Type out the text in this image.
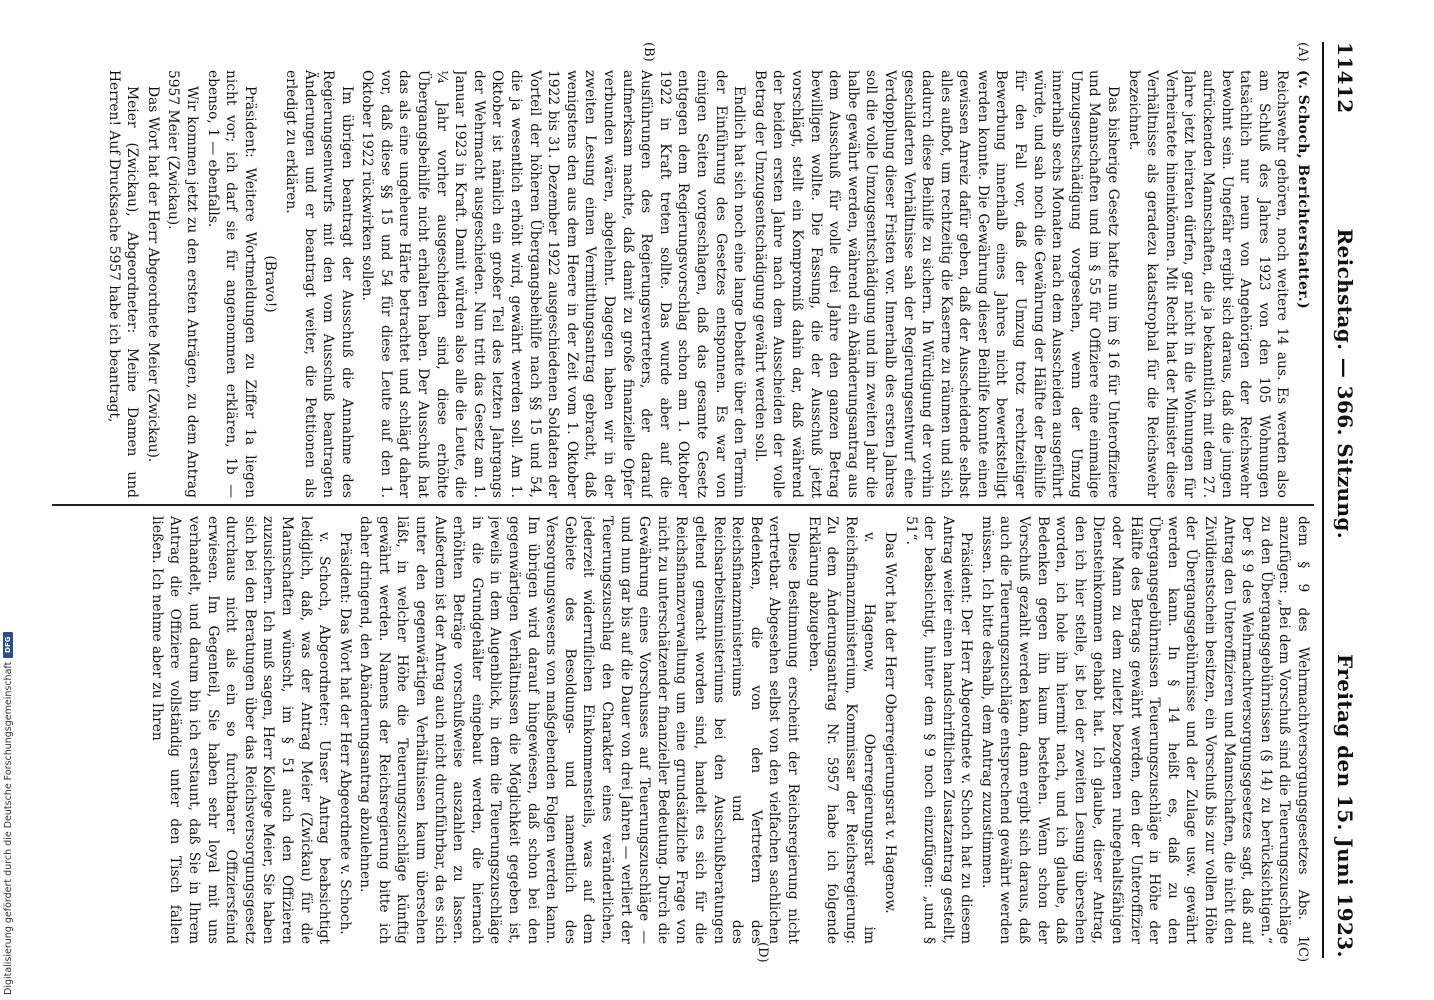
11412
Reichstag. — 366. Sitzung.
Freitag den 15. Juni 1923.
(A)
(B)
(C)
(D)

(v. Schoch, Berichterstatter.)

Reichswehr gehören, noch weitere 14 aus. Es werden also am Schluß des Jahres 1923 von den 105 Wohnungen tatsächlich nur neun von Angehörigen der Reichswehr bewohnt sein. Ungefähr ergibt sich daraus, daß die jungen aufrückenden Mannschaften, die ja bekanntlich mit dem 27. Jahre jetzt heiraten dürfen, gar nicht in die Wohnungen für Verheiratete hineinkönnen. Mit Recht hat der Minister diese Verhältnisse als geradezu katastrophal für die Reichswehr bezeichnet.

Das bisherige Gesetz hatte nun im § 16 für Unteroffiziere und Mannschaften und im § 55 für Offiziere eine einmalige Umzugsentschädigung vorgesehen, wenn der Umzug innerhalb sechs Monaten nach dem Ausscheiden ausgeführt würde, und sah noch die Gewährung der Hälfte der Beihilfe für den Fall vor, daß der Umzug trotz rechtzeitiger Bewerbung innerhalb eines Jahres nicht bewerkstelligt werden konnte. Die Gewährung dieser Beihilfe konnte einen gewissen Anreiz dafür geben, daß der Ausscheidende selbst alles aufbot, um rechtzeitig die Kaserne zu räumen und sich dadurch diese Beihilfe zu sichern. In Würdigung der vorhin geschilderten Verhältnisse sah der Regierungsentwurf eine Verdopplung dieser Fristen vor. Innerhalb des ersten Jahres soll die volle Umzugsentschädigung und im zweiten Jahr die halbe gewährt werden, während ein Abänderungsantrag aus dem Ausschuß für volle drei Jahre den ganzen Betrag bewilligen wollte. Die Fassung, die der Ausschuß jetzt vorschlägt, stellt ein Kompromiß dahin dar, daß während der beiden ersten Jahre nach dem Ausscheiden der volle Betrag der Umzugsentschädigung gewährt werden soll.

Endlich hat sich noch eine lange Debatte über den Termin der Einführung des Gesetzes entsponnen. Es war von einigen Seiten vorgeschlagen, daß das gesamte Gesetz entgegen dem Regierungsvorschlag schon am 1. Oktober 1922 in Kraft treten sollte. Das wurde aber auf die Ausführungen des Regierungsvertreters, der darauf aufmerksam machte, daß damit zu große finanzielle Opfer verbunden wären, abgelehnt. Dagegen haben wir in der zweiten Lesung einen Vermittlungsantrag gebracht, daß wenigstens den aus dem Heere in der Zeit vom 1. Oktober 1922 bis 31. Dezember 1922 ausgeschiedenen Soldaten der Vorteil der höheren Übergangsbeihilfe nach §§ 15 und 54, die ja wesentlich erhöht wird, gewährt werden soll. Am 1. Oktober ist nämlich ein großer Teil des letzten Jahrgangs der Wehrmacht ausgeschieden. Nun tritt das Gesetz am 1. Januar 1923 in Kraft. Damit würden also alle die Leute, die ¼ Jahr vorher ausgeschieden sind, diese erhöhte Übergangsbeihilfe nicht erhalten haben. Der Ausschuß hat das als eine ungeheure Härte betrachtet und schlägt daher vor, daß diese §§ 15 und 54 für diese Leute auf den 1. Oktober 1922 rückwirken sollen.

Im übrigen beantragt der Ausschuß die Annahme des Regierungsentwurfs mit den vom Ausschuß beantragten Änderungen und er beantragt weiter, die Petitionen als erledigt zu erklären.

(Bravo!)

Präsident: Weitere Wortmeldungen zu Ziffer 1a liegen nicht vor; ich darf sie für angenommen erklären, 1b — ebenso, 1 — ebenfalls.

Wir kommen jetzt zu den ersten Anträgen, zu dem Antrag 5957 Meier (Zwickau).

Das Wort hat der Herr Abgeordnete Meier (Zwickau).

Meier (Zwickau), Abgeordneter: Meine Damen und Herren! Auf Drucksache 5957 habe ich beantragt,

dem § 9 des Wehrmachtversorgungsgesetzes Abs. 1 anzufügen: „Bei dem Vorschuß sind die Teuerungszuschläge zu den Übergangsgebührnissen (§ 14) zu berücksichtigen.“ Der § 9 des Wehrmachtversorgungsgesetzes sagt, daß auf Antrag den Unteroffizieren und Mannschaften, die nicht den Zivildienstschein besitzen, ein Vorschuß bis zur vollen Höhe der Übergangsgebührnisse und der Zulage usw. gewährt werden kann. In § 14 heißt es, daß zu den Übergangsgebührnissen Teuerungszuschläge in Höhe der Hälfte des Betrags gewährt werden, den der Unteroffizier oder Mann zu dem zuletzt bezogenen ruhegehaltsfähigen Diensteinkommen gehabt hat. Ich glaube, dieser Antrag, den ich hier stelle, ist bei der zweiten Lesung übersehen worden, ich hole ihn hiermit nach, und ich glaube, daß Bedenken gegen ihn kaum bestehen. Wenn schon der Vorschuß gezahlt werden kann, dann ergibt sich daraus, daß auch die Teuerungszuschläge entsprechend gewährt werden müssen. Ich bitte deshalb, dem Antrag zuzustimmen.

Präsident: Der Herr Abgeordnete v. Schoch hat zu diesem Antrag weiter einen handschriftlichen Zusatzantrag gestellt, der beabsichtigt, hinter dem § 9 noch einzufügen: „und § 51“.

Das Wort hat der Herr Oberregierungsrat v. Hagenow.

v. Hagenow, Oberregierungsrat im Reichsfinanzministerium, Kommissar der Reichsregierung: Zu dem Änderungsantrag Nr. 5957 habe ich folgende Erklärung abzugeben.

Diese Bestimmung erscheint der Reichsregierung nicht vertretbar. Abgesehen selbst von den vielfachen sachlichen Bedenken, die von den Vertretern des Reichsfinanzministeriums und des Reichsarbeitsministeriums bei den Ausschußberatungen geltend gemacht worden sind, handelt es sich für die Reichsfinanzverwaltung um eine grundsätzliche Frage von nicht zu unterschätzender finanzieller Bedeutung. Durch die Gewährung eines Vorschusses auf Teuerungszuschläge — und nun gar bis auf die Dauer von drei Jahren — verliert der Teuerungszuschlag den Charakter eines veränderlichen, jederzeit widerruflichen Einkommensteils, was auf dem Gebiete des Besoldungs- und namentlich des Versorgungswesens von maßgebenden Folgen werden kann. Im übrigen wird darauf hingewiesen, daß schon bei den gegenwärtigen Verhältnissen die Möglichkeit gegeben ist, jeweils in dem Augenblick, in dem die Teuerungszuschläge in die Grundgehälter eingebaut werden, die hiernach erhöhten Beträge vorschußweise auszahlen zu lassen. Außerdem ist der Antrag auch nicht durchführbar, da es sich unter den gegenwärtigen Verhältnissen kaum übersehen läßt, in welcher Höhe die Teuerungszuschläge künftig gewährt werden. Namens der Reichsregierung bitte ich daher dringend, den Abänderungsantrag abzulehnen.

Präsident: Das Wort hat der Herr Abgeordnete v. Schoch.

v. Schoch, Abgeordneter: Unser Antrag beabsichtigt lediglich, daß, was der Antrag Meier (Zwickau) für die Mannschaften wünscht, im § 51 auch den Offizieren zuzusichern. Ich muß sagen, Herr Kollege Meier, Sie haben sich bei den Beratungen über das Reichsversorgungsgesetz durchaus nicht als ein so furchtbarer Offiziersfeind erwiesen. Im Gegenteil, Sie haben sehr loyal mit uns verhandelt, und darum bin ich erstaunt, daß Sie in Ihrem Antrag die Offiziere vollständig unter den Tisch fallen ließen. Ich nehme aber zu Ihren

Digitalisierung gefördert durch die Deutsche Forschungsgemeinschaft
DFG
